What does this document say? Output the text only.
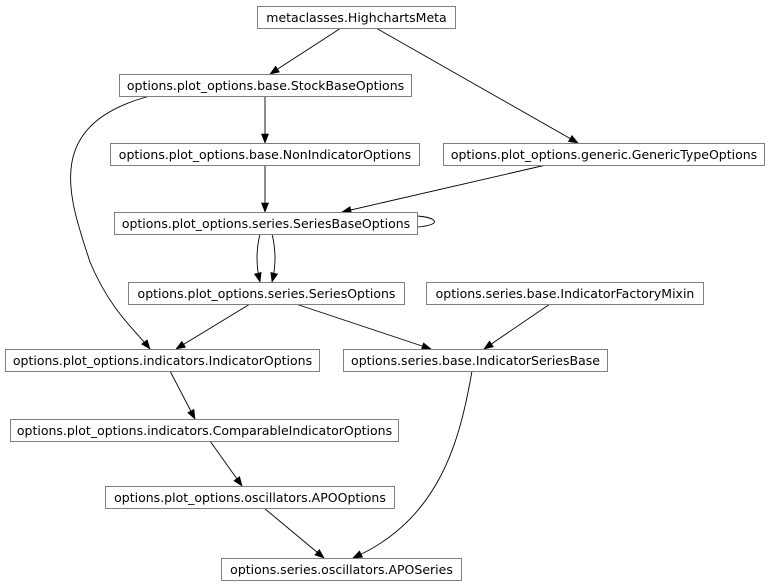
metaclasses.HighchartsMeta
options.plot_options.base.StockBaseOptions
options.plot_options.base.NonIndicatorOptions	options.plot_options.generic.GenericTypeOptions
options.plot_options.series.SeriesBaseOptions
options.plot_options.series.SeriesOptions	options.series.base.IndicatorFactoryMixin
options.plot_options.indicators.IndicatorOptions	options.series.base.IndicatorSeriesBase
options.plot_options.indicators.ComparableIndicatorOptions
options.plot_options.oscillators.APOOptions
options.series.oscillators.APOSeries
